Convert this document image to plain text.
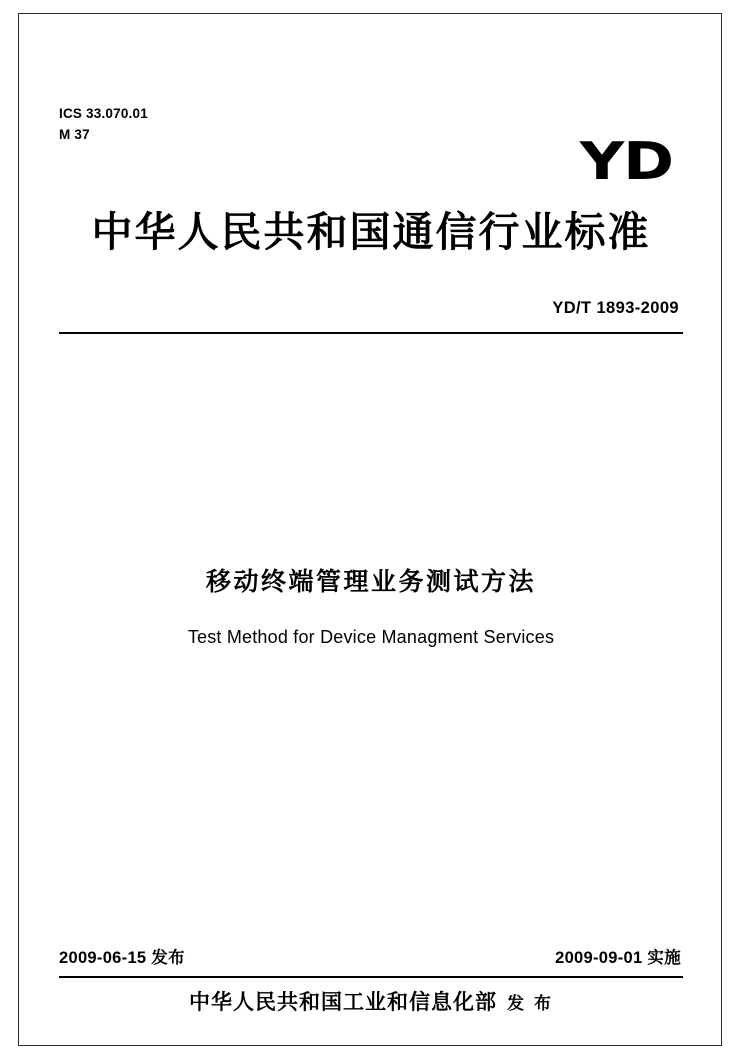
ICS 33.070.01
M 37	YD
中华人民共和国通信行业标准
YD/T 1893-2009
移动终端管理业务测试方法
Test Method for Device Managment Services
2009-06-15 发布	2009-09-01 实施
中华人民共和国工业和信息化部 发 布
